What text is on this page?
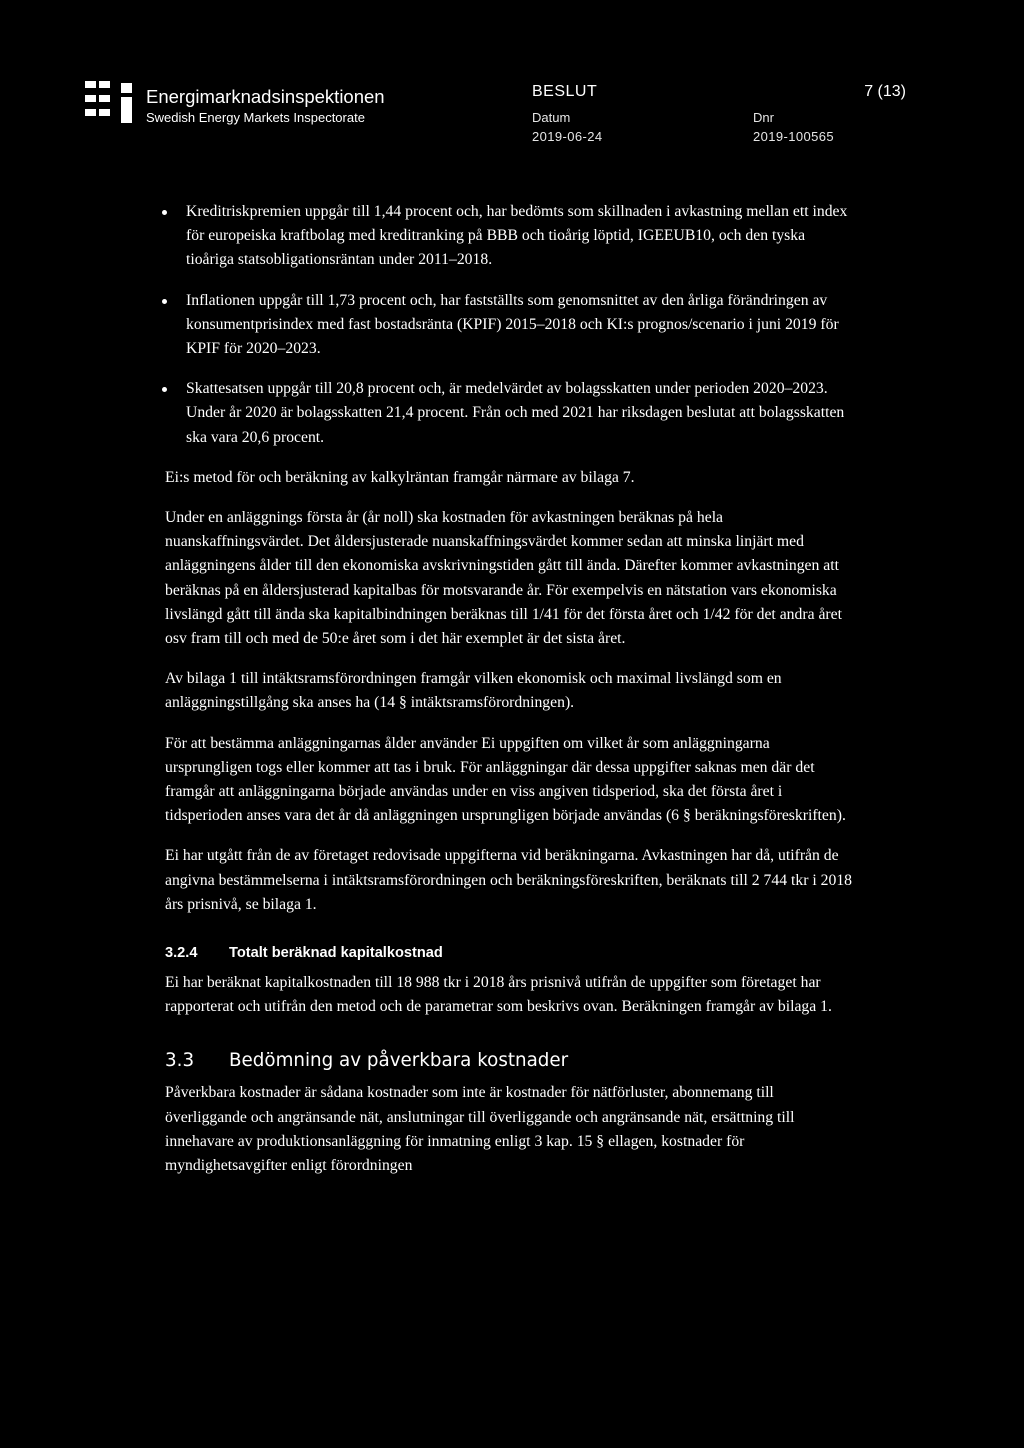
Energimarknadsinspektionen
Swedish Energy Markets Inspectorate
BESLUT	7 (13)
Datum
2019-06-24
Dnr
2019-100565
Kreditriskpremien uppgår till 1,44 procent och, har bedömts som skillnaden i avkastning mellan ett index för europeiska kraftbolag med kreditranking på BBB och tioårig löptid, IGEEUB10, och den tyska tioåriga statsobligationsräntan under 2011–2018.
Inflationen uppgår till 1,73 procent och, har fastställts som genomsnittet av den årliga förändringen av konsumentprisindex med fast bostadsränta (KPIF) 2015–2018 och KI:s prognos/scenario i juni 2019 för KPIF för 2020–2023.
Skattesatsen uppgår till 20,8 procent och, är medelvärdet av bolagsskatten under perioden 2020–2023. Under år 2020 är bolagsskatten 21,4 procent. Från och med 2021 har riksdagen beslutat att bolagsskatten ska vara 20,6 procent.

Ei:s metod för och beräkning av kalkylräntan framgår närmare av bilaga 7.

Under en anläggnings första år (år noll) ska kostnaden för avkastningen beräknas på hela nuanskaffningsvärdet. Det åldersjusterade nuanskaffningsvärdet kommer sedan att minska linjärt med anläggningens ålder till den ekonomiska avskrivningstiden gått till ända. Därefter kommer avkastningen att beräknas på en åldersjusterad kapitalbas för motsvarande år. För exempelvis en nätstation vars ekonomiska livslängd gått till ända ska kapitalbindningen beräknas till 1/41 för det första året och 1/42 för det andra året osv fram till och med de 50:e året som i det här exemplet är det sista året.

Av bilaga 1 till intäktsramsförordningen framgår vilken ekonomisk och maximal livslängd som en anläggningstillgång ska anses ha (14 § intäktsramsförordningen).

För att bestämma anläggningarnas ålder använder Ei uppgiften om vilket år som anläggningarna ursprungligen togs eller kommer att tas i bruk. För anläggningar där dessa uppgifter saknas men där det framgår att anläggningarna började användas under en viss angiven tidsperiod, ska det första året i tidsperioden anses vara det år då anläggningen ursprungligen började användas (6 § beräkningsföreskriften).

Ei har utgått från de av företaget redovisade uppgifterna vid beräkningarna. Avkastningen har då, utifrån de angivna bestämmelserna i intäktsramsförordningen och beräkningsföreskriften, beräknats till 2 744 tkr i 2018 års prisnivå, se bilaga 1.

3.2.4	Totalt beräknad kapitalkostnad

Ei har beräknat kapitalkostnaden till 18 988 tkr i 2018 års prisnivå utifrån de uppgifter som företaget har rapporterat och utifrån den metod och de parametrar som beskrivs ovan. Beräkningen framgår av bilaga 1.

3.3	Bedömning av påverkbara kostnader

Påverkbara kostnader är sådana kostnader som inte är kostnader för nätförluster, abonnemang till överliggande och angränsande nät, anslutningar till överliggande och angränsande nät, ersättning till innehavare av produktionsanläggning för inmatning enligt 3 kap. 15 § ellagen, kostnader för myndighetsavgifter enligt förordningen
